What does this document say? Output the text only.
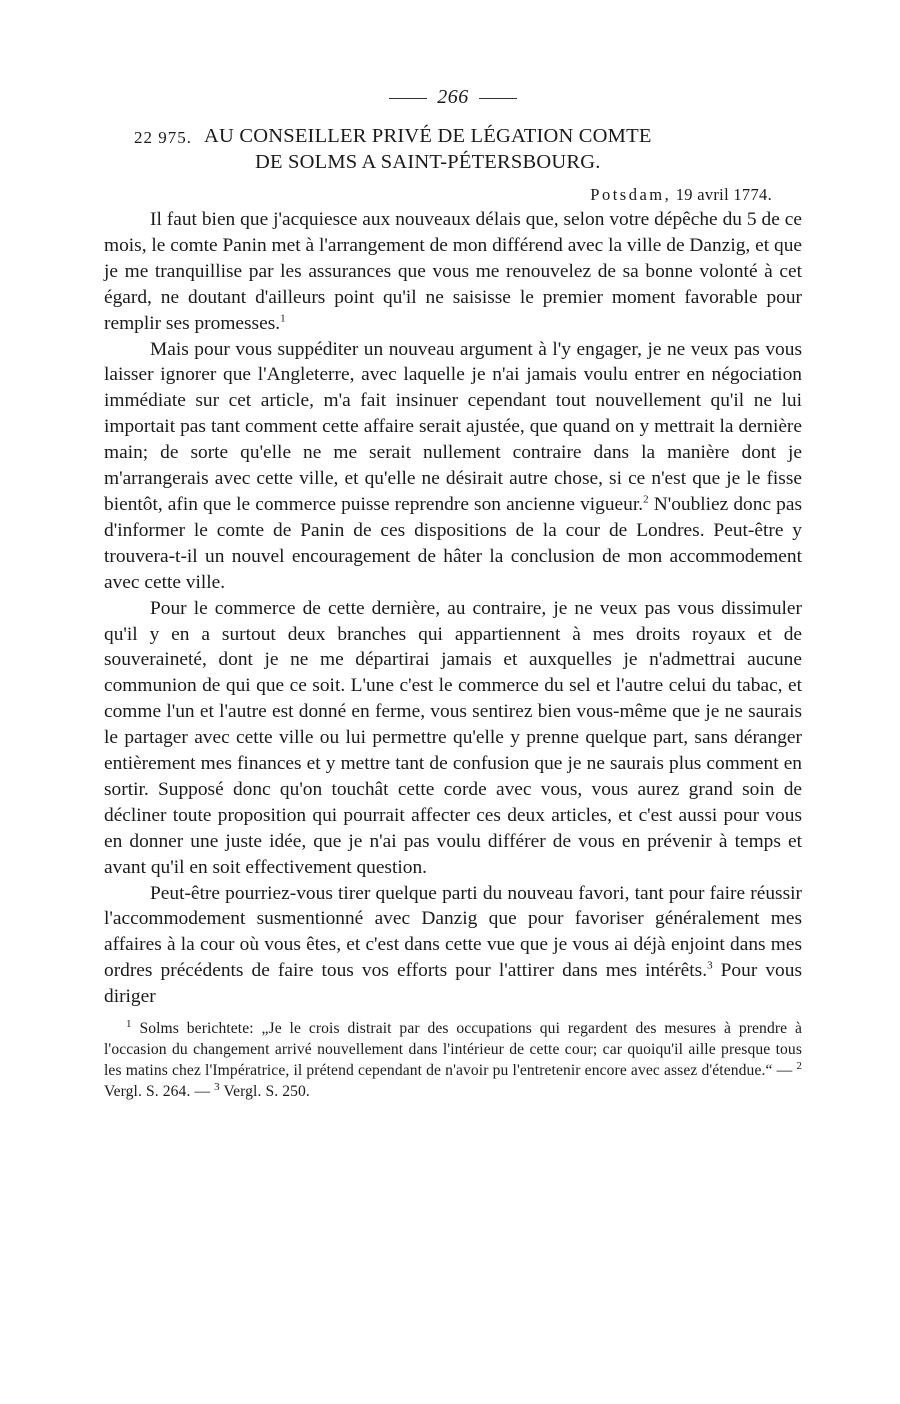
266
22 975. AU CONSEILLER PRIVÉ DE LÉGATION COMTE
DE SOLMS A SAINT-PÉTERSBOURG.
Potsdam, 19 avril 1774.

Il faut bien que j'acquiesce aux nouveaux délais que, selon votre dépêche du 5 de ce mois, le comte Panin met à l'arrangement de mon différend avec la ville de Danzig, et que je me tranquillise par les assurances que vous me renouvelez de sa bonne volonté à cet égard, ne doutant d'ailleurs point qu'il ne saisisse le premier moment favorable pour remplir ses promesses.$^1$

Mais pour vous suppéditer un nouveau argument à l'y engager, je ne veux pas vous laisser ignorer que l'Angleterre, avec laquelle je n'ai jamais voulu entrer en négociation immédiate sur cet article, m'a fait insinuer cependant tout nouvellement qu'il ne lui importait pas tant comment cette affaire serait ajustée, que quand on y mettrait la dernière main; de sorte qu'elle ne me serait nullement contraire dans la manière dont je m'arrangerais avec cette ville, et qu'elle ne désirait autre chose, si ce n'est que je le fisse bientôt, afin que le commerce puisse reprendre son ancienne vigueur.$^2$ N'oubliez donc pas d'informer le comte de Panin de ces dispositions de la cour de Londres. Peut-être y trouvera-t-il un nouvel encouragement de hâter la conclusion de mon accommodement avec cette ville.

Pour le commerce de cette dernière, au contraire, je ne veux pas vous dissimuler qu'il y en a surtout deux branches qui appartiennent à mes droits royaux et de souveraineté, dont je ne me départirai jamais et auxquelles je n'admettrai aucune communion de qui que ce soit. L'une c'est le commerce du sel et l'autre celui du tabac, et comme l'un et l'autre est donné en ferme, vous sentirez bien vous-même que je ne saurais le partager avec cette ville ou lui permettre qu'elle y prenne quelque part, sans déranger entièrement mes finances et y mettre tant de confusion que je ne saurais plus comment en sortir. Supposé donc qu'on touchât cette corde avec vous, vous aurez grand soin de décliner toute proposition qui pourrait affecter ces deux articles, et c'est aussi pour vous en donner une juste idée, que je n'ai pas voulu différer de vous en prévenir à temps et avant qu'il en soit effectivement question.

Peut-être pourriez-vous tirer quelque parti du nouveau favori, tant pour faire réussir l'accommodement susmentionné avec Danzig que pour favoriser généralement mes affaires à la cour où vous êtes, et c'est dans cette vue que je vous ai déjà enjoint dans mes ordres précédents de faire tous vos efforts pour l'attirer dans mes intérêts.$^3$ Pour vous diriger

$^1$ Solms berichtete: „Je le crois distrait par des occupations qui regardent des mesures à prendre à l'occasion du changement arrivé nouvellement dans l'intérieur de cette cour; car quoiqu'il aille presque tous les matins chez l'Impératrice, il prétend cependant de n'avoir pu l'entretenir encore avec assez d'étendue.“ — $^2$ Vergl. S. 264. — $^3$ Vergl. S. 250.
